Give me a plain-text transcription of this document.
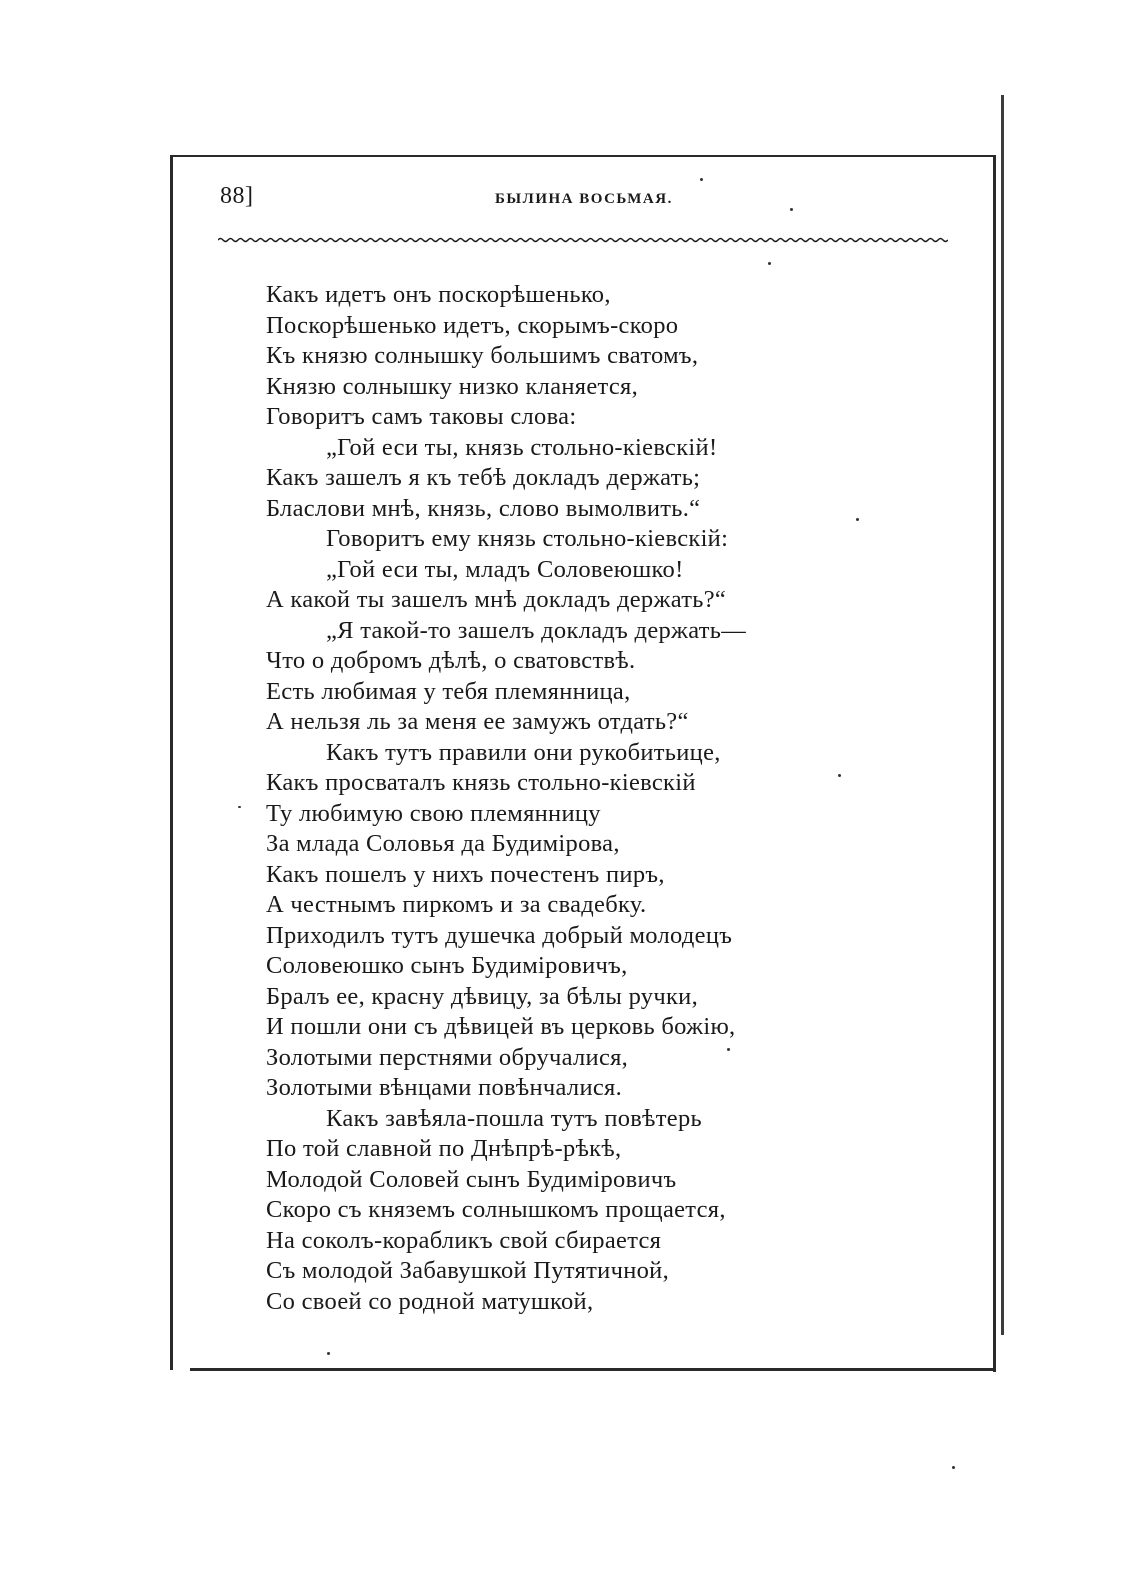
88]	БЫЛИНА ВОСЬМАЯ.
Какъ идетъ онъ поскорѣшенько,
Поскорѣшенько идетъ, скорымъ-скоро
Къ князю солнышку большимъ сватомъ,
Князю солнышку низко кланяется,
Говоритъ самъ таковы слова:
„Гой еси ты, князь стольно-кіевскій!
Какъ зашелъ я къ тебѣ докладъ держать;
Бласлови мнѣ, князь, слово вымолвить.“
Говоритъ ему князь стольно-кіевскій:
„Гой еси ты, младъ Соловеюшко!
А какой ты зашелъ мнѣ докладъ держать?“
„Я такой-то зашелъ докладъ держать—
Что о добромъ дѣлѣ, о сватовствѣ.
Есть любимая у тебя племянница,
А нельзя ль за меня ее замужъ отдать?“
Какъ тутъ правили они рукобитьице,
Какъ просваталъ князь стольно-кіевскій
Ту любимую свою племянницу
За млада Соловья да Будимірова,
Какъ пошелъ у нихъ почестенъ пиръ,
А честнымъ пиркомъ и за свадебку.
Приходилъ тутъ душечка добрый молодецъ
Соловеюшко сынъ Будиміровичъ,
Бралъ ее, красну дѣвицу, за бѣлы ручки,
И пошли они съ дѣвицей въ церковь божію,
Золотыми перстнями обручалися,
Золотыми вѣнцами повѣнчалися.
Какъ завѣяла-пошла тутъ повѣтерь
По той славной по Днѣпрѣ-рѣкѣ,
Молодой Соловей сынъ Будиміровичъ
Скоро съ княземъ солнышкомъ прощается,
На соколъ-корабликъ свой сбирается
Съ молодой Забавушкой Путятичной,
Со своей со родной матушкой,
